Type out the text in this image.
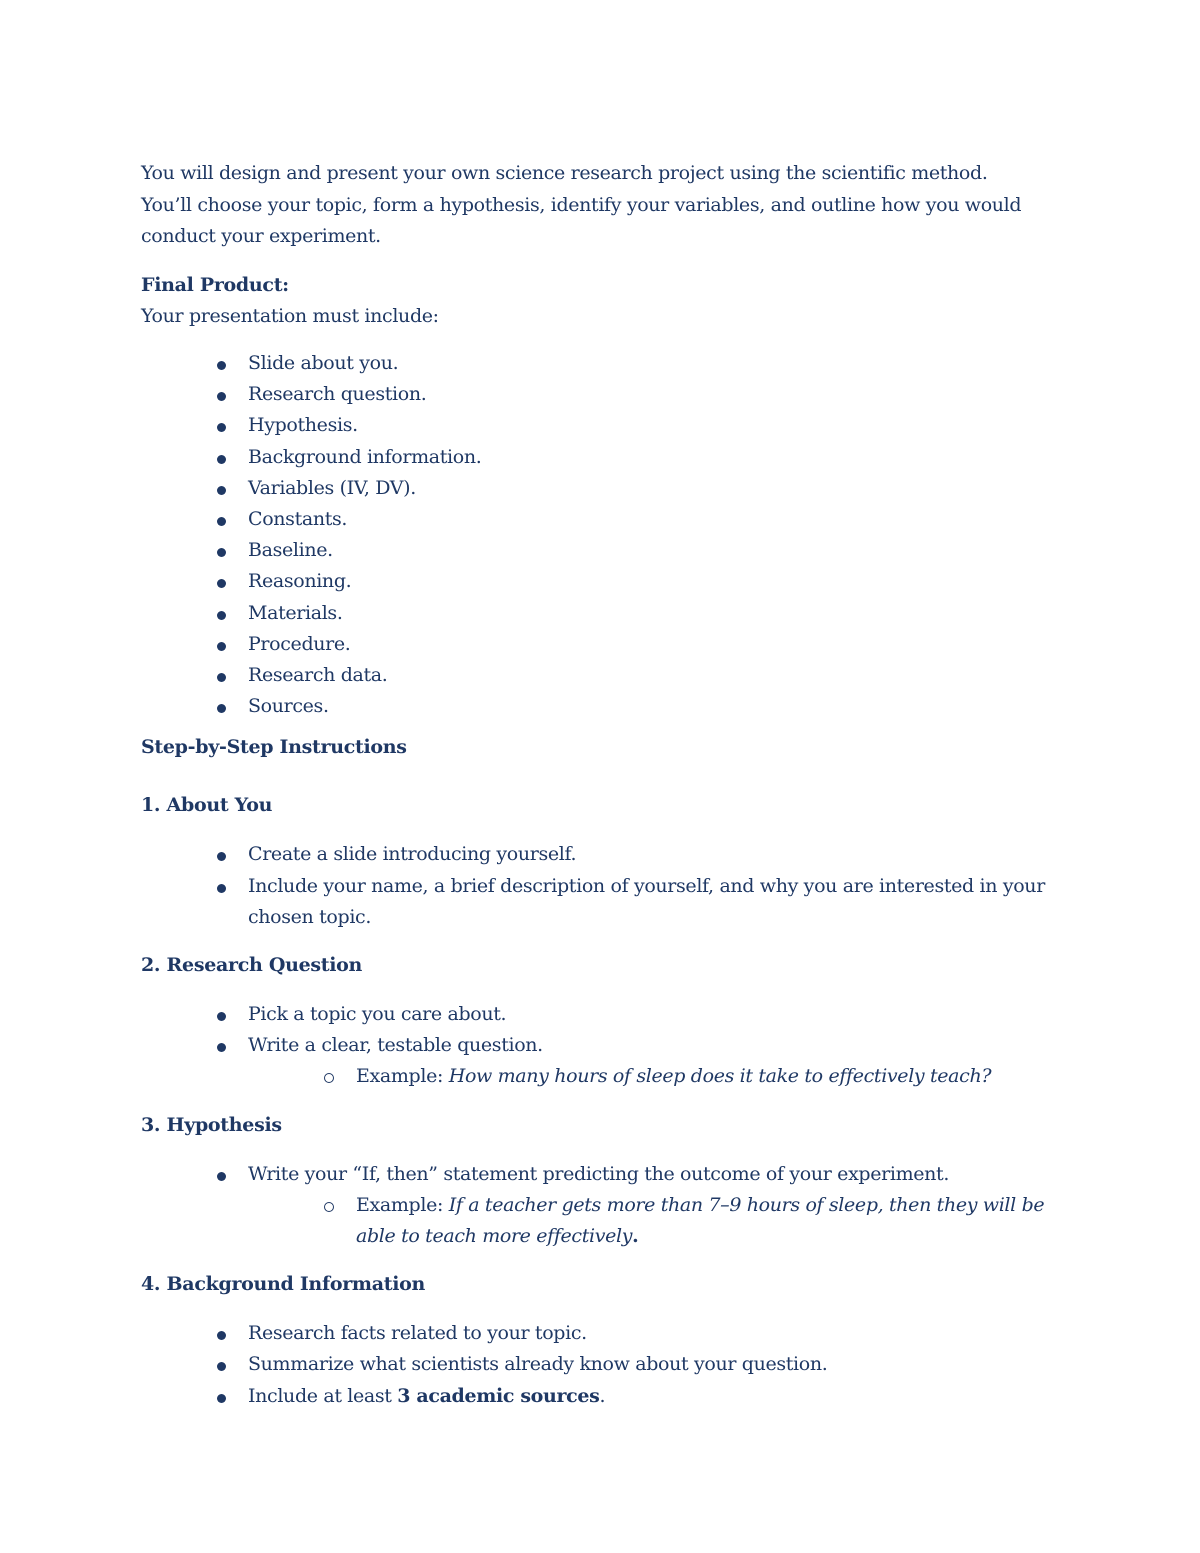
You will design and present your own science research project using the scientific method.
You’ll choose your topic, form a hypothesis, identify your variables, and outline how you would conduct your experiment.

Final Product:

Your presentation must include:

Slide about you.
Research question.
Hypothesis.
Background information.
Variables (IV, DV).
Constants.
Baseline.
Reasoning.
Materials.
Procedure.
Research data.
Sources.

Step-by-Step Instructions

1. About You

Create a slide introducing yourself.
Include your name, a brief description of yourself, and why you are interested in your chosen topic.

2. Research Question

Pick a topic you care about.
Write a clear, testable question.
Example: How many hours of sleep does it take to effectively teach?

3. Hypothesis

Write your “If, then” statement predicting the outcome of your experiment.
Example: If a teacher gets more than 7–9 hours of sleep, then they will be able to teach more effectively.

4. Background Information

Research facts related to your topic.
Summarize what scientists already know about your question.
Include at least 3 academic sources.
